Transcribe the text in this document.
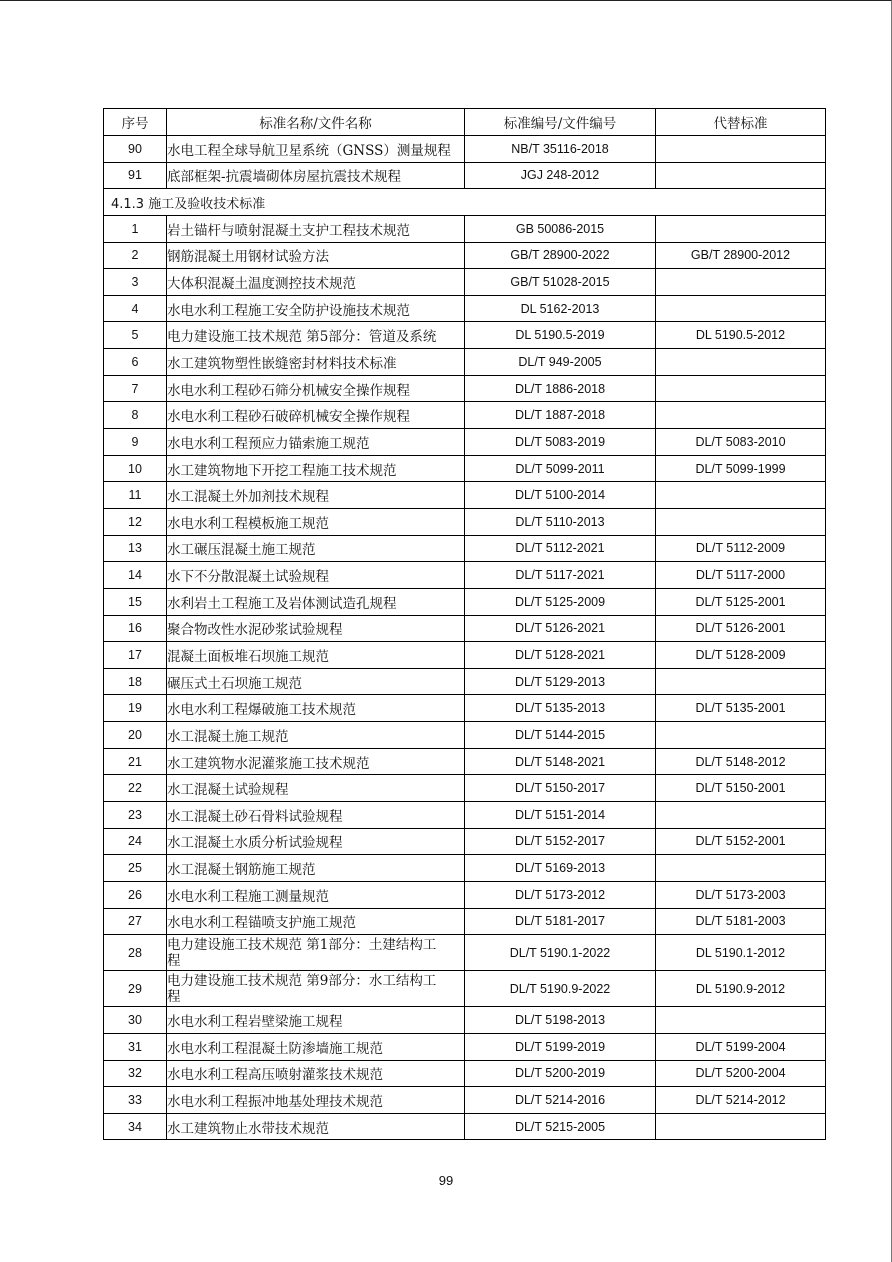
序号	标准名称/文件名称	标准编号/文件编号	代替标准
90	水电工程全球导航卫星系统（GNSS）测量规程	NB/T 35116-2018	
91	底部框架-抗震墙砌体房屋抗震技术规程	JGJ 248-2012	
4.1.3 施工及验收技术标准			
1	岩土锚杆与喷射混凝土支护工程技术规范	GB 50086-2015	
2	钢筋混凝土用钢材试验方法	GB/T 28900-2022	GB/T 28900-2012
3	大体积混凝土温度测控技术规范	GB/T 51028-2015	
4	水电水利工程施工安全防护设施技术规范	DL 5162-2013	
5	电力建设施工技术规范 第5部分：管道及系统	DL 5190.5-2019	DL 5190.5-2012
6	水工建筑物塑性嵌缝密封材料技术标准	DL/T 949-2005	
7	水电水利工程砂石筛分机械安全操作规程	DL/T 1886-2018	
8	水电水利工程砂石破碎机械安全操作规程	DL/T 1887-2018	
9	水电水利工程预应力锚索施工规范	DL/T 5083-2019	DL/T 5083-2010
10	水工建筑物地下开挖工程施工技术规范	DL/T 5099-2011	DL/T 5099-1999
11	水工混凝土外加剂技术规程	DL/T 5100-2014	
12	水电水利工程模板施工规范	DL/T 5110-2013	
13	水工碾压混凝土施工规范	DL/T 5112-2021	DL/T 5112-2009
14	水下不分散混凝土试验规程	DL/T 5117-2021	DL/T 5117-2000
15	水利岩土工程施工及岩体测试造孔规程	DL/T 5125-2009	DL/T 5125-2001
16	聚合物改性水泥砂浆试验规程	DL/T 5126-2021	DL/T 5126-2001
17	混凝土面板堆石坝施工规范	DL/T 5128-2021	DL/T 5128-2009
18	碾压式土石坝施工规范	DL/T 5129-2013	
19	水电水利工程爆破施工技术规范	DL/T 5135-2013	DL/T 5135-2001
20	水工混凝土施工规范	DL/T 5144-2015	
21	水工建筑物水泥灌浆施工技术规范	DL/T 5148-2021	DL/T 5148-2012
22	水工混凝土试验规程	DL/T 5150-2017	DL/T 5150-2001
23	水工混凝土砂石骨料试验规程	DL/T 5151-2014	
24	水工混凝土水质分析试验规程	DL/T 5152-2017	DL/T 5152-2001
25	水工混凝土钢筋施工规范	DL/T 5169-2013	
26	水电水利工程施工测量规范	DL/T 5173-2012	DL/T 5173-2003
27	水电水利工程锚喷支护施工规范	DL/T 5181-2017	DL/T 5181-2003
28	电力建设施工技术规范 第1部分：土建结构工程	DL/T 5190.1-2022	DL 5190.1-2012
29	电力建设施工技术规范 第9部分：水工结构工程	DL/T 5190.9-2022	DL 5190.9-2012
30	水电水利工程岩壁梁施工规程	DL/T 5198-2013	
31	水电水利工程混凝土防渗墙施工规范	DL/T 5199-2019	DL/T 5199-2004
32	水电水利工程高压喷射灌浆技术规范	DL/T 5200-2019	DL/T 5200-2004
33	水电水利工程振冲地基处理技术规范	DL/T 5214-2016	DL/T 5214-2012
34	水工建筑物止水带技术规范	DL/T 5215-2005	
99
